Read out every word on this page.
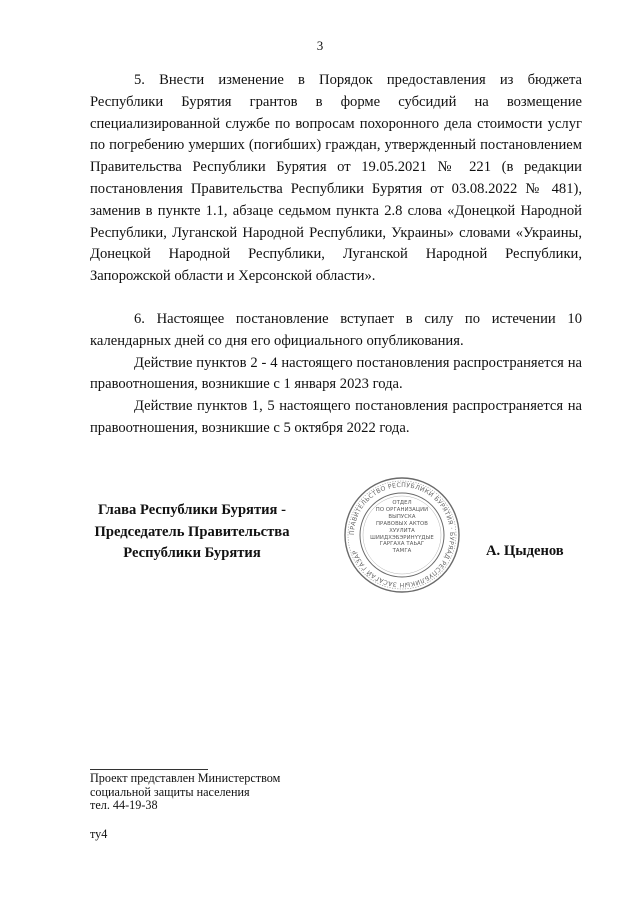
3

5. Внести изменение в Порядок предоставления из бюджета Республики Бурятия грантов в форме субсидий на возмещение специализированной службе по вопросам похоронного дела стоимости услуг по погребению умерших (погибших) граждан, утвержденный постановлением Правительства Республики Бурятия от 19.05.2021 № 221 (в редакции постановления Правительства Республики Бурятия от 03.08.2022 № 481), заменив в пункте 1.1, абзаце седьмом пункта 2.8 слова «Донецкой Народной Республики, Луганской Народной Республики, Украины» словами «Украины, Донецкой Народной Республики, Луганской Народной Республики, Запорожской области и Херсонской области».

6. Настоящее постановление вступает в силу по истечении 10 календарных дней со дня его официального опубликования.

Действие пунктов 2 - 4 настоящего постановления распространяется на правоотношения, возникшие с 1 января 2023 года.

Действие пунктов 1, 5 настоящего постановления распространяется на правоотношения, возникшие с 5 октября 2022 года.

Глава Республики Бурятия -
Председатель Правительства
Республики Бурятия
ПРАВИТЕЛЬСТВО РЕСПУБЛИКИ БУРЯТИЯ · БУРЯАД РЕСПУБЛИКЫН ЗАСАГАЙ ГАЗАР
ОТДЕЛ
ПО ОРГАНИЗАЦИИ
ВЫПУСКА
ПРАВОВЫХ АКТОВ
ХУУЛИТА
ШИИДХЭБЭРИНҮҮДЫЕ
ГАРГАХА ТАЬАГ
ТАМГА	А. Цыденов
Проект представлен Министерством
социальной защиты населения
тел. 44-19-38
ту4
